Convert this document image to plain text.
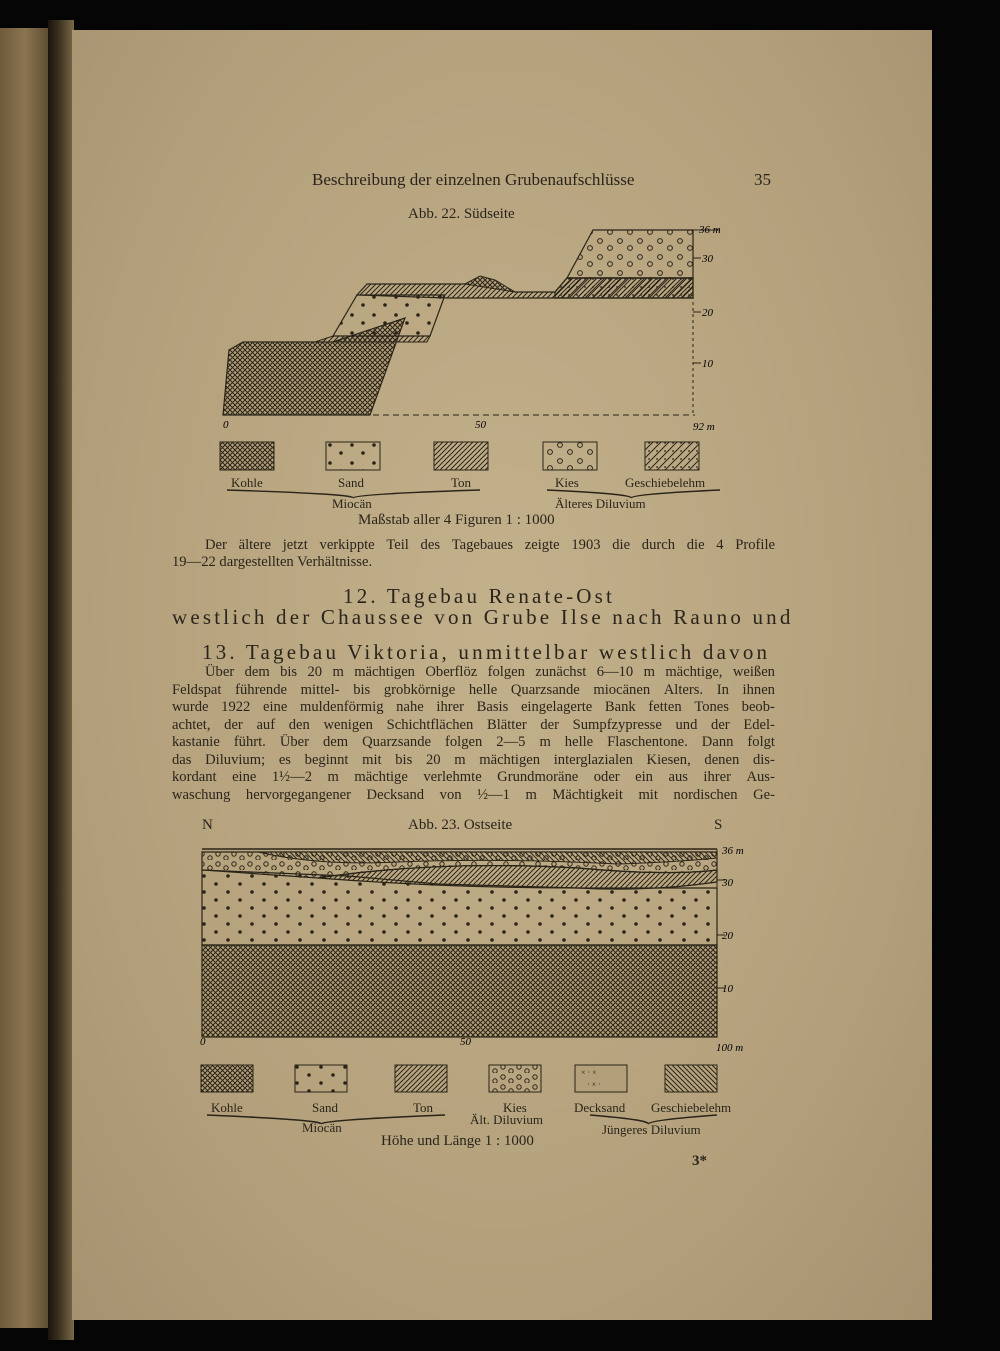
Beschreibung der einzelnen Grubenaufschlüsse	35
Abb. 22. Südseite
36 m
30
20
10
92 m
0	50
Kohle	Sand	Ton	Kies	Geschiebelehm
Miocän	Älteres Diluvium
Maßstab aller 4 Figuren 1 : 1000
Der ältere jetzt verkippte Teil des Tagebaues zeigte 1903 die durch die 4 Profile
19—22 dargestellten Verhältnisse.
12. Tagebau Renate-Ost
westlich der Chaussee von Grube Ilse nach Rauno und
13. Tagebau Viktoria, unmittelbar westlich davon
Über dem bis 20 m mächtigen Oberflöz folgen zunächst 6—10 m mächtige, weißen
Feldspat führende mittel- bis grobkörnige helle Quarzsande miocänen Alters. In ihnen
wurde 1922 eine muldenförmig nahe ihrer Basis eingelagerte Bank fetten Tones beob-
achtet, der auf den wenigen Schichtflächen Blätter der Sumpfzypresse und der Edel-
kastanie führt. Über dem Quarzsande folgen 2—5 m helle Flaschentone. Dann folgt
das Diluvium; es beginnt mit bis 20 m mächtigen interglazialen Kiesen, denen dis-
kordant eine 1½—2 m mächtige verlehmte Grundmoräne oder ein aus ihrer Aus-
waschung hervorgegangener Decksand von ½—1 m Mächtigkeit mit nordischen Ge-
N	Abb. 23. Ostseite	S
36 m
30
20
10
100 m
0	50
× · ×
· × ·
Kohle	Sand	Ton	Kies	Decksand Geschiebelehm
Ält. Diluvium
Miocän	Jüngeres Diluvium
Höhe und Länge 1 : 1000
3*
